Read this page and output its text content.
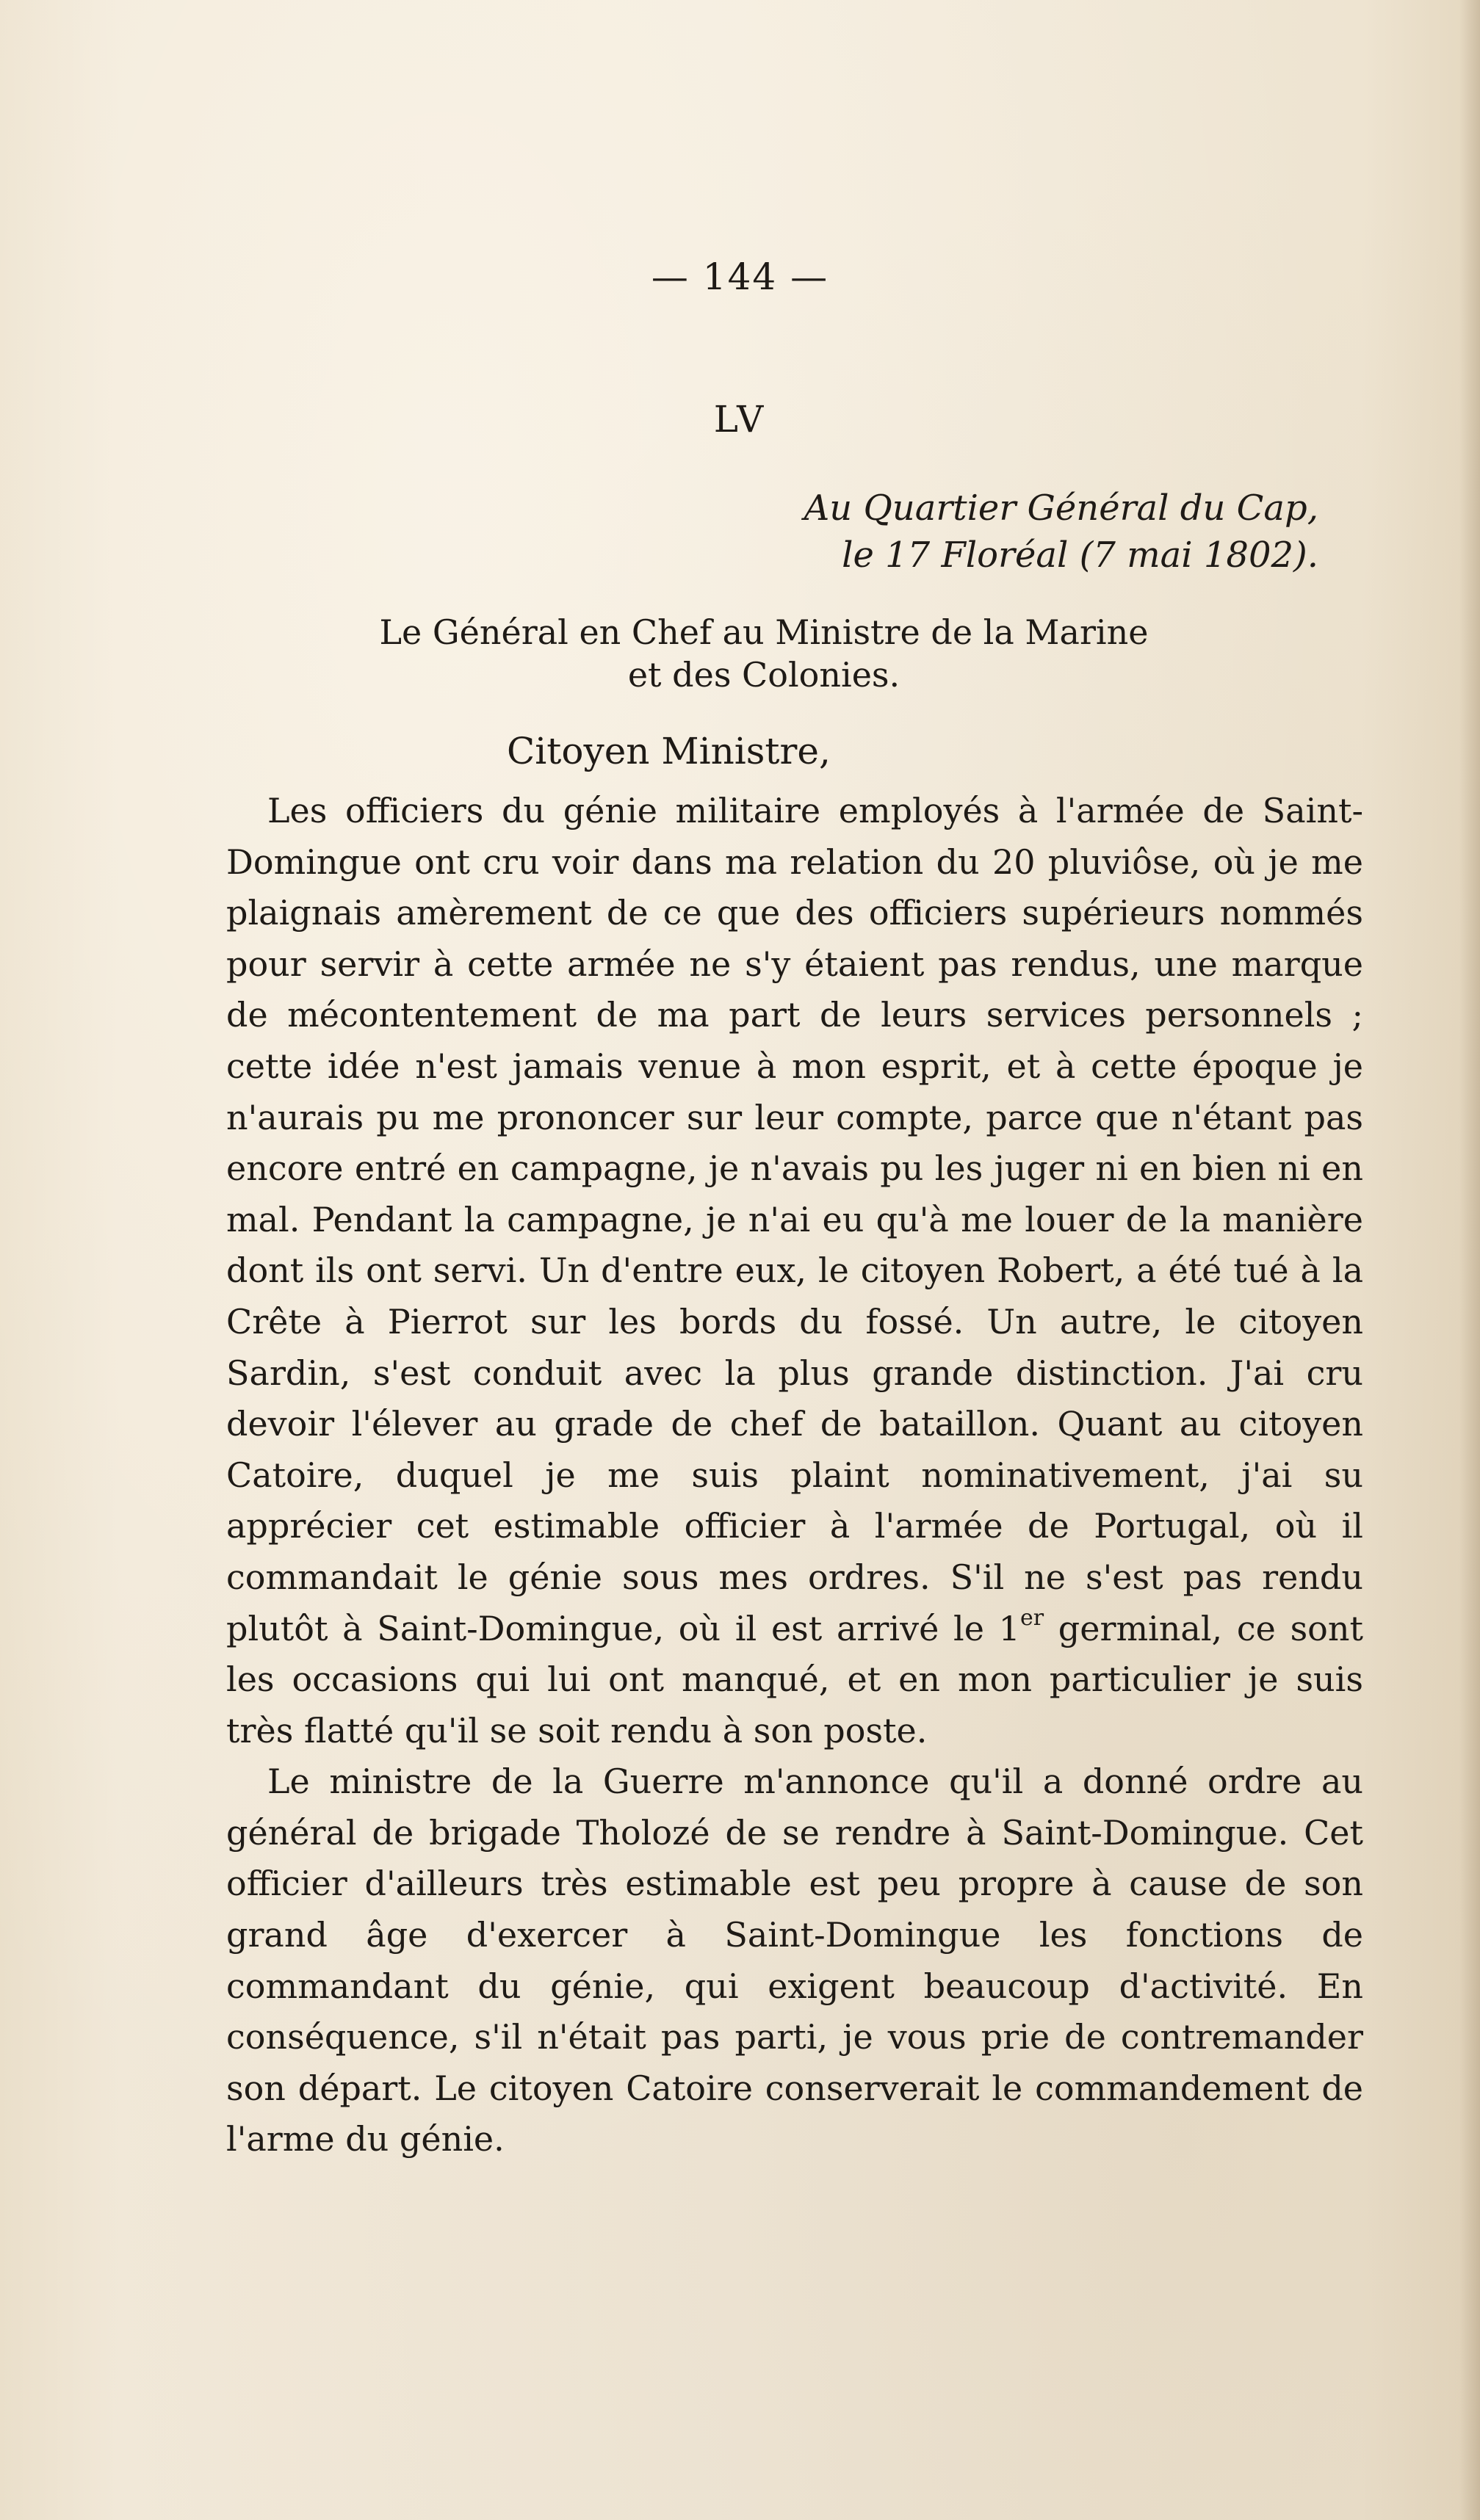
— 144 —
LV
Au Quartier Général du Cap,
le 17 Floréal (7 mai 1802).
Le Général en Chef au Ministre de la Marine
et des Colonies.
Citoyen Ministre,

Les officiers du génie militaire employés à l'armée de Saint-Domingue ont cru voir dans ma relation du 20 pluviôse, où je me plaignais amèrement de ce que des officiers supérieurs nommés pour servir à cette armée ne s'y étaient pas rendus, une marque de mécontentement de ma part de leurs services personnels ; cette idée n'est jamais venue à mon esprit, et à cette époque je n'aurais pu me prononcer sur leur compte, parce que n'étant pas encore entré en campagne, je n'avais pu les juger ni en bien ni en mal. Pendant la campagne, je n'ai eu qu'à me louer de la manière dont ils ont servi. Un d'entre eux, le citoyen Robert, a été tué à la Crête à Pierrot sur les bords du fossé. Un autre, le citoyen Sardin, s'est conduit avec la plus grande distinction. J'ai cru devoir l'élever au grade de chef de bataillon. Quant au citoyen Catoire, duquel je me suis plaint nominativement, j'ai su apprécier cet estimable officier à l'armée de Portugal, où il commandait le génie sous mes ordres. S'il ne s'est pas rendu plutôt à Saint-Domingue, où il est arrivé le 1er germinal, ce sont les occasions qui lui ont manqué, et en mon particulier je suis très flatté qu'il se soit rendu à son poste.

Le ministre de la Guerre m'annonce qu'il a donné ordre au général de brigade Tholozé de se rendre à Saint-Domingue. Cet officier d'ailleurs très estimable est peu propre à cause de son grand âge d'exercer à Saint-Domingue les fonctions de commandant du génie, qui exigent beaucoup d'activité. En conséquence, s'il n'était pas parti, je vous prie de contremander son départ. Le citoyen Catoire conserverait le commandement de l'arme du génie.
